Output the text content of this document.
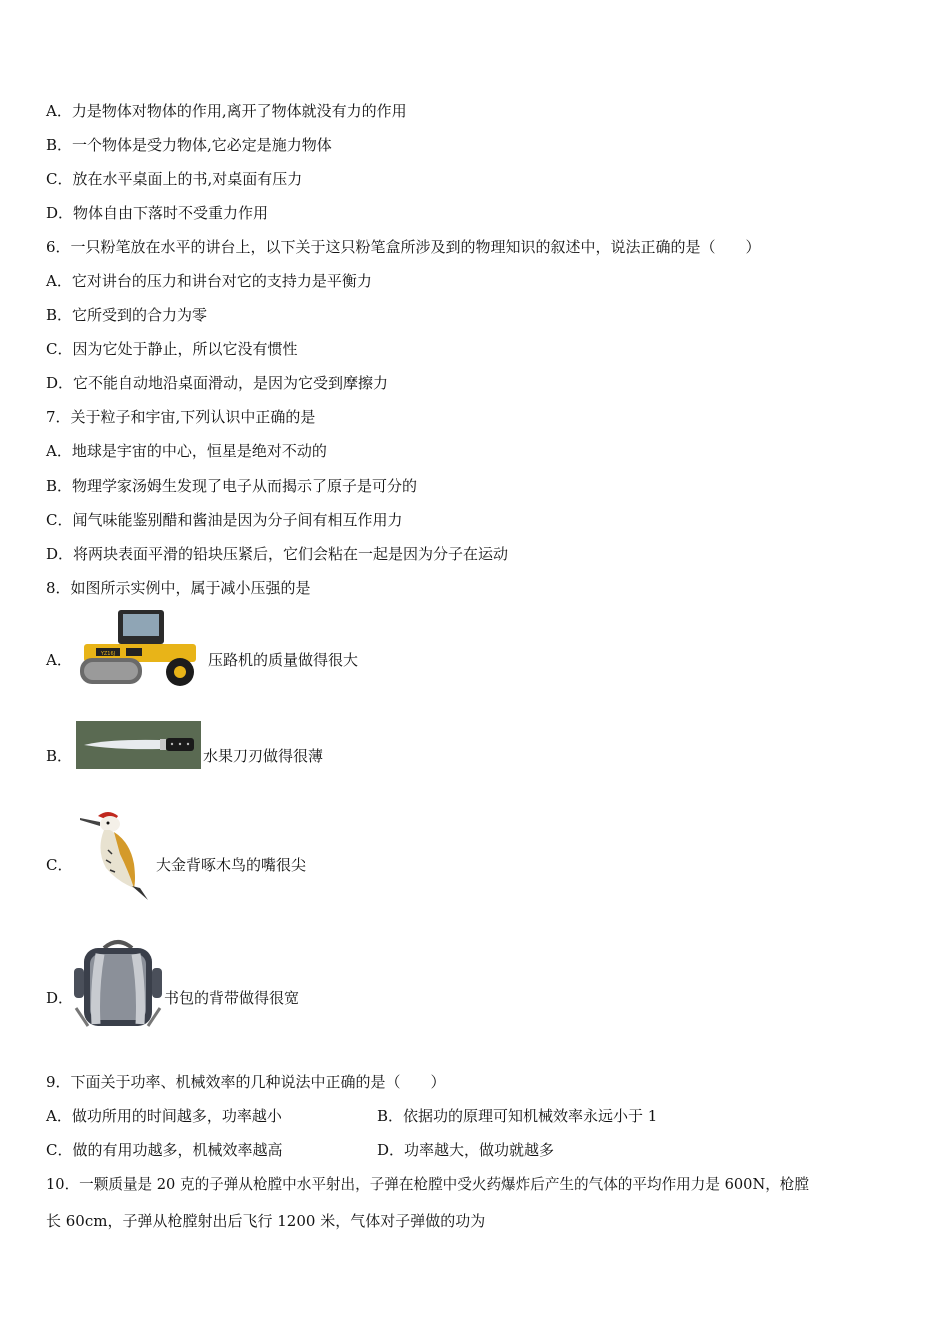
A．力是物体对物体的作用,离开了物体就没有力的作用
B．一个物体是受力物体,它必定是施力物体
C．放在水平桌面上的书,对桌面有压力
D．物体自由下落时不受重力作用
6．一只粉笔放在水平的讲台上，以下关于这只粉笔盒所涉及到的物理知识的叙述中，说法正确的是（　　）
A．它对讲台的压力和讲台对它的支持力是平衡力
B．它所受到的合力为零
C．因为它处于静止，所以它没有惯性
D．它不能自动地沿桌面滑动，是因为它受到摩擦力
7．关于粒子和宇宙,下列认识中正确的是
A．地球是宇宙的中心，恒星是绝对不动的
B．物理学家汤姆生发现了电子从而揭示了原子是可分的
C．闻气味能鉴别醋和酱油是因为分子间有相互作用力
D．将两块表面平滑的铅块压紧后，它们会粘在一起是因为分子在运动
8．如图所示实例中，属于减小压强的是
A．	YZ16J	压路机的质量做得很大
B．	水果刀刃做得很薄
C．	大金背啄木鸟的嘴很尖
D．	书包的背带做得很宽
9．下面关于功率、机械效率的几种说法中正确的是（　　）
A．做功所用的时间越多，功率越小	B．依据功的原理可知机械效率永远小于 1
C．做的有用功越多，机械效率越高	D．功率越大，做功就越多
10．一颗质量是 20 克的子弹从枪膛中水平射出，子弹在枪膛中受火药爆炸后产生的气体的平均作用力是 600N，枪膛
长 60cm，子弹从枪膛射出后飞行 1200 米，气体对子弹做的功为
